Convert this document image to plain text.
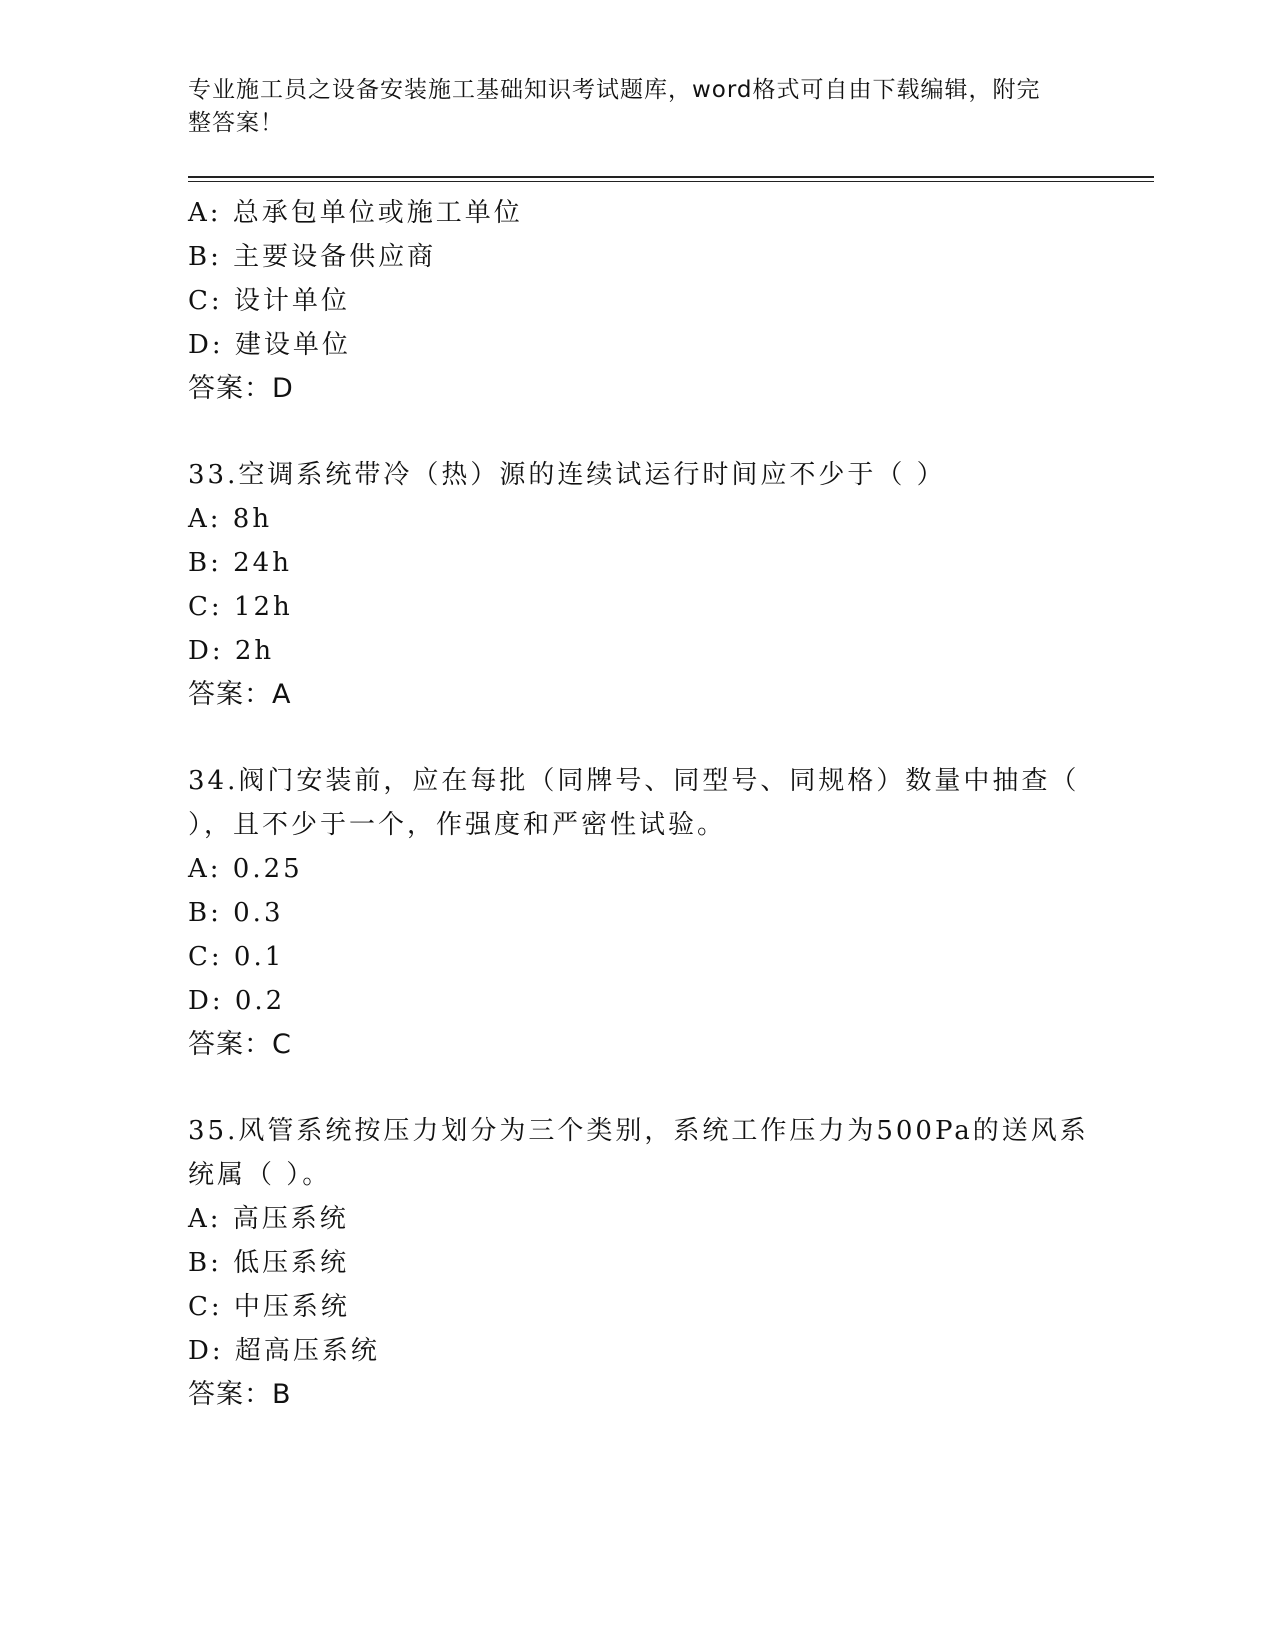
专业施工员之设备安装施工基础知识考试题库，word格式可自由下载编辑，附完
整答案！
A: 总承包单位或施工单位
B: 主要设备供应商
C: 设计单位
D: 建设单位
答案：D
33.空调系统带冷（热）源的连续试运行时间应不少于（ ）
A: 8h
B: 24h
C: 12h
D: 2h
答案：A
34.阀门安装前，应在每批（同牌号、同型号、同规格）数量中抽查（
），且不少于一个，作强度和严密性试验。
A: 0.25
B: 0.3
C: 0.1
D: 0.2
答案：C
35.风管系统按压力划分为三个类别，系统工作压力为500Pa的送风系
统属（ ）。
A: 高压系统
B: 低压系统
C: 中压系统
D: 超高压系统
答案：B
